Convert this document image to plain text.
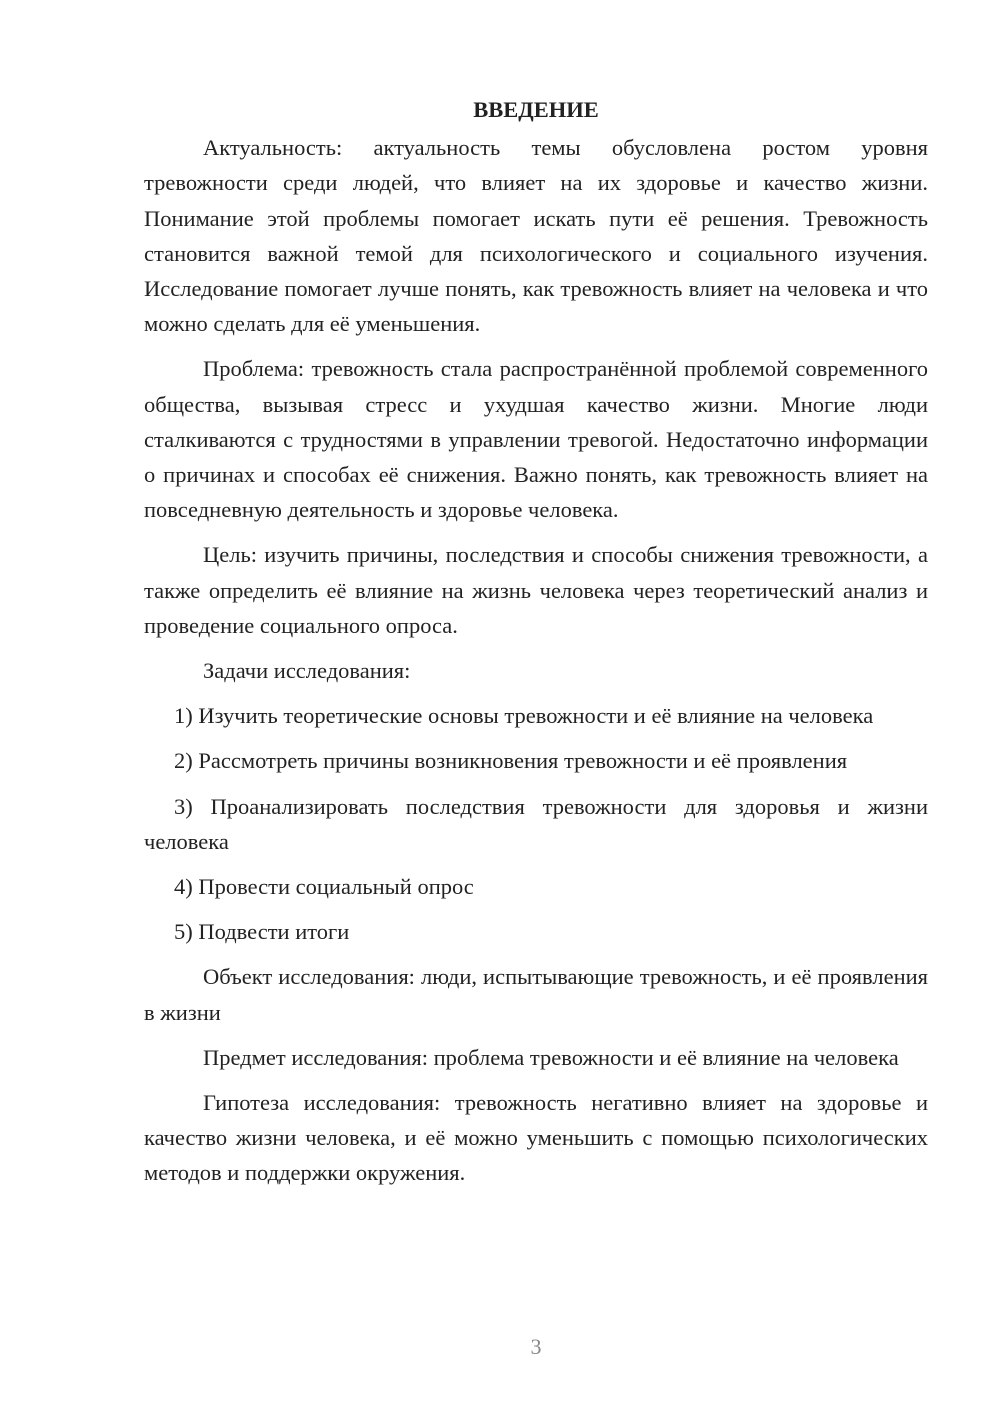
ВВЕДЕНИЕ

Актуальность: актуальность темы обусловлена ростом уровня тревожности среди людей, что влияет на их здоровье и качество жизни. Понимание этой проблемы помогает искать пути её решения. Тревожность становится важной темой для психологического и социального изучения. Исследование помогает лучше понять, как тревожность влияет на человека и что можно сделать для её уменьшения.

Проблема: тревожность стала распространённой проблемой современного общества, вызывая стресс и ухудшая качество жизни. Многие люди сталкиваются с трудностями в управлении тревогой. Недостаточно информации о причинах и способах её снижения. Важно понять, как тревожность влияет на повседневную деятельность и здоровье человека.

Цель: изучить причины, последствия и способы снижения тревожности, а также определить её влияние на жизнь человека через теоретический анализ и проведение социального опроса.

Задачи исследования:

1) Изучить теоретические основы тревожности и её влияние на человека

2) Рассмотреть причины возникновения тревожности и её проявления

3) Проанализировать последствия тревожности для здоровья и жизни человека

4) Провести социальный опрос

5) Подвести итоги

Объект исследования: люди, испытывающие тревожность, и её проявления в жизни

Предмет исследования: проблема тревожности и её влияние на человека

Гипотеза исследования: тревожность негативно влияет на здоровье и качество жизни человека, и её можно уменьшить с помощью психологических методов и поддержки окружения.

3
